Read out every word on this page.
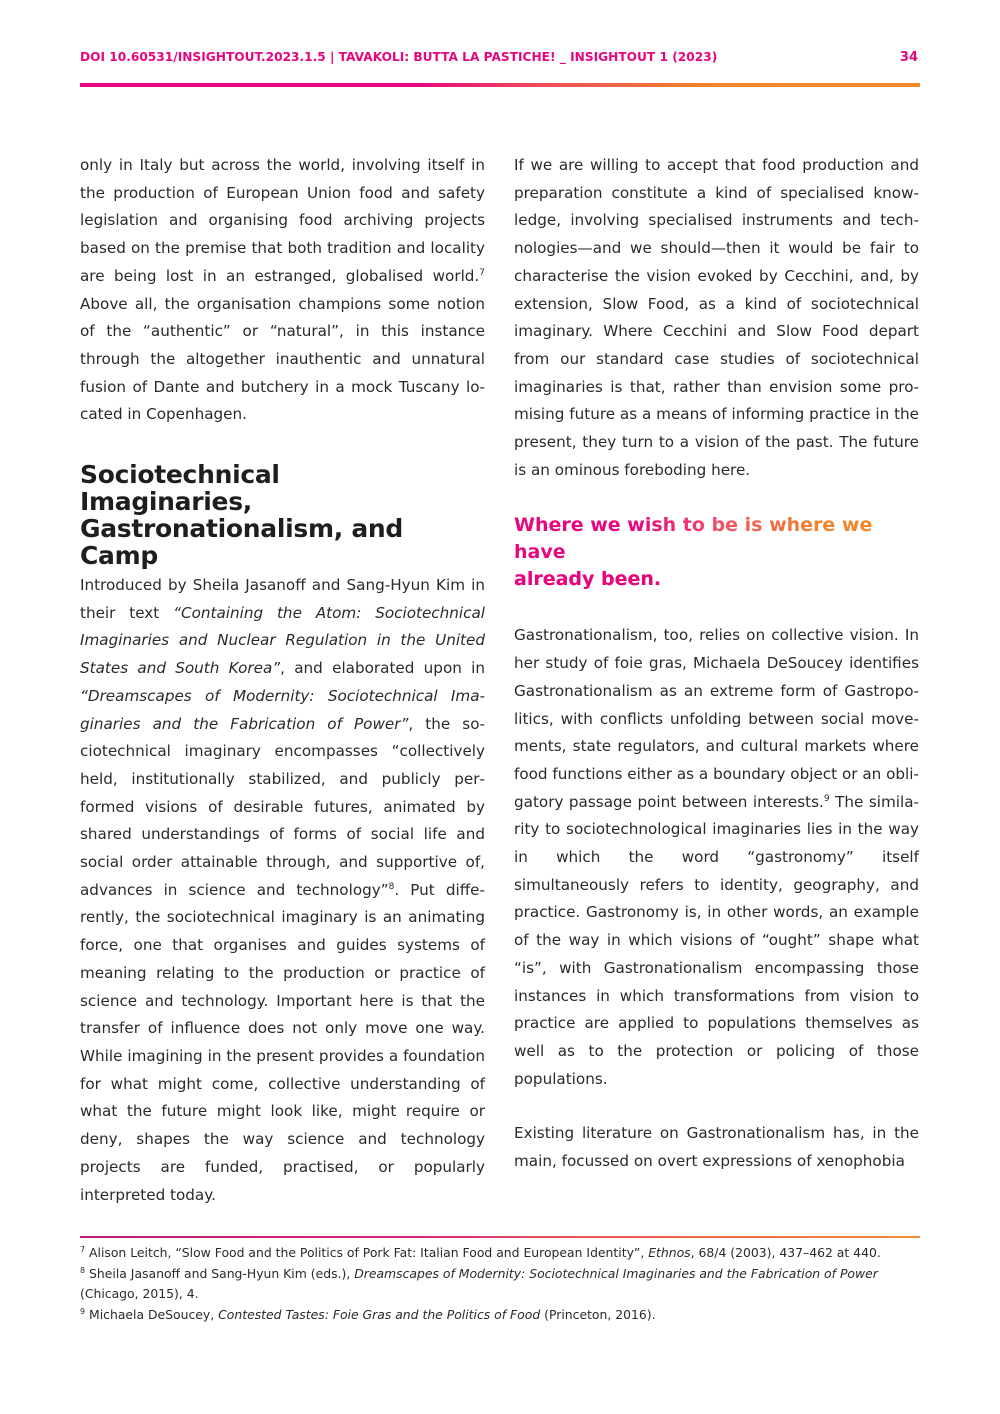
DOI 10.60531/INSIGHTOUT.2023.1.5 | TAVAKOLI: BUTTA LA PASTICHE! _ INSIGHTOUT 1 (2023)	34

only in Italy but across the world, involving itself in the production of European Union food and safety legislation and organising food archiving projects based on the premise that both tradition and locality are being lost in an estranged, globalised world.$^7$ Above all, the organisation champions some notion of the “authentic” or “natural”, in this instance through the altogether inauthentic and unnatural fusion of Dante and butchery in a mock Tuscany located in Copenhagen.

Sociotechnical Imaginaries, Gastronationalism, and Camp

Introduced by Sheila Jasanoff and Sang-Hyun Kim in their text “Containing the Atom: Sociotechnical Imaginaries and Nuclear Regulation in the United States and South Korea”, and elaborated upon in “Dreamscapes of Modernity: Sociotechnical Imaginaries and the Fabrication of Power”, the sociotechnical imaginary encompasses “collectively held, institutionally stabilized, and publicly performed visions of desirable futures, animated by shared understandings of forms of social life and social order attainable through, and supportive of, advances in science and technology”$^8$. Put differently, the sociotechnical imaginary is an animating force, one that organises and guides systems of meaning relating to the production or practice of science and technology. Important here is that the transfer of influence does not only move one way. While imagining in the present provides a foundation for what might come, collective understanding of what the future might look like, might require or deny, shapes the way science and technology projects are funded, practised, or popularly interpreted today.

If we are willing to accept that food production and preparation constitute a kind of specialised knowledge, involving specialised instruments and technologies—and we should—then it would be fair to characterise the vision evoked by Cecchini, and, by extension, Slow Food, as a kind of sociotechnical imaginary. Where Cecchini and Slow Food depart from our standard case studies of sociotechnical imaginaries is that, rather than envision some promising future as a means of informing practice in the present, they turn to a vision of the past. The future is an ominous foreboding here.

Where we wish to be is where we have
already been.

Gastronationalism, too, relies on collective vision. In her study of foie gras, Michaela DeSoucey identifies Gastronationalism as an extreme form of Gastropolitics, with conflicts unfolding between social movements, state regulators, and cultural markets where food functions either as a boundary object or an obligatory passage point between interests.$^9$ The similarity to sociotechnological imaginaries lies in the way in which the word “gastronomy” itself simultaneously refers to identity, geography, and practice. Gastronomy is, in other words, an example of the way in which visions of “ought” shape what “is”, with Gastronationalism encompassing those instances in which transformations from vision to practice are applied to populations themselves as well as to the protection or policing of those populations.

Existing literature on Gastronationalism has, in the main, focussed on overt expressions of xenophobia

$^7$ Alison Leitch, “Slow Food and the Politics of Pork Fat: Italian Food and European Identity”, Ethnos, 68/4 (2003), 437–462 at 440.

$^8$ Sheila Jasanoff and Sang-Hyun Kim (eds.), Dreamscapes of Modernity: Sociotechnical Imaginaries and the Fabrication of Power (Chicago, 2015), 4.

$^9$ Michaela DeSoucey, Contested Tastes: Foie Gras and the Politics of Food (Princeton, 2016).
